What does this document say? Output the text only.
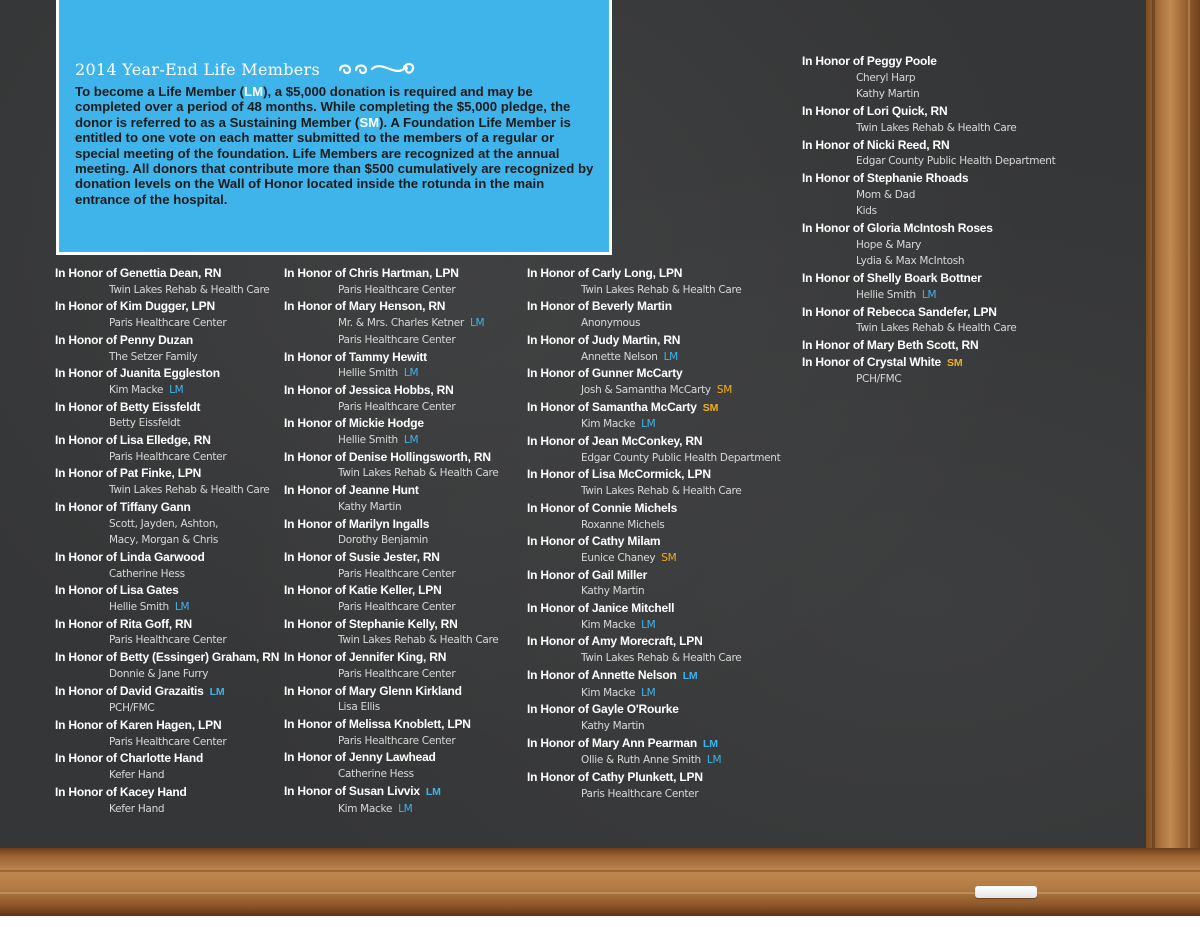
2014 Year-End Life Members
To become a Life Member (LM), a $5,000 donation is required and may be completed over a period of 48 months. While completing the $5,000 pledge, the donor is referred to as a Sustaining Member (SM). A Foundation Life Member is entitled to one vote on each matter submitted to the members of a regular or special meeting of the foundation. Life Members are recognized at the annual meeting. All donors that contribute more than $500 cumulatively are recognized by donation levels on the Wall of Honor located inside the rotunda in the main entrance of the hospital.
In Honor of Genettia Dean, RN
Twin Lakes Rehab & Health Care
In Honor of Kim Dugger, LPN
Paris Healthcare Center
In Honor of Penny Duzan
The Setzer Family
In Honor of Juanita Eggleston
Kim Macke LM
In Honor of Betty Eissfeldt
Betty Eissfeldt
In Honor of Lisa Elledge, RN
Paris Healthcare Center
In Honor of Pat Finke, LPN
Twin Lakes Rehab & Health Care
In Honor of Tiffany Gann
Scott, Jayden, Ashton,
Macy, Morgan & Chris
In Honor of Linda Garwood
Catherine Hess
In Honor of Lisa Gates
Hellie Smith LM
In Honor of Rita Goff, RN
Paris Healthcare Center
In Honor of Betty (Essinger) Graham, RN
Donnie & Jane Furry
In Honor of David Grazaitis LM
PCH/FMC
In Honor of Karen Hagen, LPN
Paris Healthcare Center
In Honor of Charlotte Hand
Kefer Hand
In Honor of Kacey Hand
Kefer Hand
In Honor of Chris Hartman, LPN
Paris Healthcare Center
In Honor of Mary Henson, RN
Mr. & Mrs. Charles Ketner LM
Paris Healthcare Center
In Honor of Tammy Hewitt
Hellie Smith LM
In Honor of Jessica Hobbs, RN
Paris Healthcare Center
In Honor of Mickie Hodge
Hellie Smith LM
In Honor of Denise Hollingsworth, RN
Twin Lakes Rehab & Health Care
In Honor of Jeanne Hunt
Kathy Martin
In Honor of Marilyn Ingalls
Dorothy Benjamin
In Honor of Susie Jester, RN
Paris Healthcare Center
In Honor of Katie Keller, LPN
Paris Healthcare Center
In Honor of Stephanie Kelly, RN
Twin Lakes Rehab & Health Care
In Honor of Jennifer King, RN
Paris Healthcare Center
In Honor of Mary Glenn Kirkland
Lisa Ellis
In Honor of Melissa Knoblett, LPN
Paris Healthcare Center
In Honor of Jenny Lawhead
Catherine Hess
In Honor of Susan Livvix LM
Kim Macke LM
In Honor of Carly Long, LPN
Twin Lakes Rehab & Health Care
In Honor of Beverly Martin
Anonymous
In Honor of Judy Martin, RN
Annette Nelson LM
In Honor of Gunner McCarty
Josh & Samantha McCarty SM
In Honor of Samantha McCarty SM
Kim Macke LM
In Honor of Jean McConkey, RN
Edgar County Public Health Department
In Honor of Lisa McCormick, LPN
Twin Lakes Rehab & Health Care
In Honor of Connie Michels
Roxanne Michels
In Honor of Cathy Milam
Eunice Chaney SM
In Honor of Gail Miller
Kathy Martin
In Honor of Janice Mitchell
Kim Macke LM
In Honor of Amy Morecraft, LPN
Twin Lakes Rehab & Health Care
In Honor of Annette Nelson LM
Kim Macke LM
In Honor of Gayle O'Rourke
Kathy Martin
In Honor of Mary Ann Pearman LM
Ollie & Ruth Anne Smith LM
In Honor of Cathy Plunkett, LPN
Paris Healthcare Center
In Honor of Peggy Poole
Cheryl Harp
Kathy Martin
In Honor of Lori Quick, RN
Twin Lakes Rehab & Health Care
In Honor of Nicki Reed, RN
Edgar County Public Health Department
In Honor of Stephanie Rhoads
Mom & Dad
Kids
In Honor of Gloria McIntosh Roses
Hope & Mary
Lydia & Max McIntosh
In Honor of Shelly Boark Bottner
Hellie Smith LM
In Honor of Rebecca Sandefer, LPN
Twin Lakes Rehab & Health Care
In Honor of Mary Beth Scott, RN
In Honor of Crystal White SM
PCH/FMC
